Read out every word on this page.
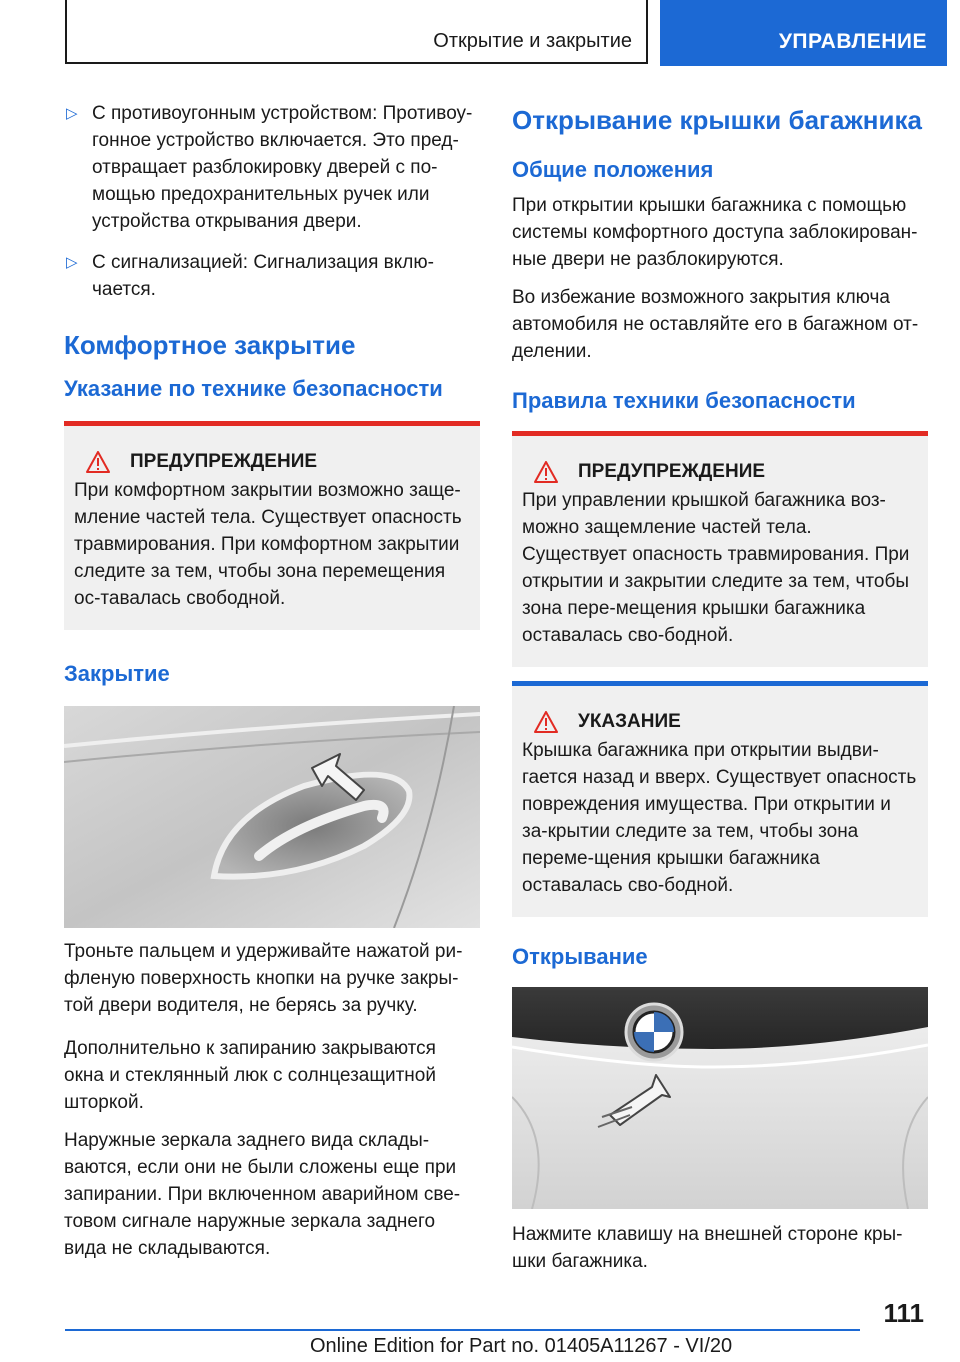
Открытие и закрытие	УПРАВЛЕНИЕ
▷ С противоугонным устройством: Противоу-гонное устройство включается. Это пред-отвращает разблокировку дверей с по-мощью предохранительных ручек или устройства открывания двери.
▷ С сигнализацией: Сигнализация вклю-чается.
Комфортное закрытие
Указание по технике безопасности
ПРЕДУПРЕЖДЕНИЕ

При комфортном закрытии возможно заще-мление частей тела. Существует опасность травмирования. При комфортном закрытии следите за тем, чтобы зона перемещения ос-тавалась свободной.

Закрытие

Троньте пальцем и удерживайте нажатой ри-фленую поверхность кнопки на ручке закры-той двери водителя, не берясь за ручку.

Дополнительно к запиранию закрываются окна и стеклянный люк с солнцезащитной шторкой.

Наружные зеркала заднего вида склады-ваются, если они не были сложены еще при запирании. При включенном аварийном све-товом сигнале наружные зеркала заднего вида не складываются.

Открывание крышки багажника
Общие положения

При открытии крышки багажника с помощью системы комфортного доступа заблокирован-ные двери не разблокируются.

Во избежание возможного закрытия ключа автомобиля не оставляйте его в багажном от-делении.

Правила техники безопасности
ПРЕДУПРЕЖДЕНИЕ

При управлении крышкой багажника воз-можно защемление частей тела. Существует опасность травмирования. При открытии и закрытии следите за тем, чтобы зона пере-мещения крышки багажника оставалась сво-бодной.

УКАЗАНИЕ

Крышка багажника при открытии выдви-гается назад и вверх. Существует опасность повреждения имущества. При открытии и за-крытии следите за тем, чтобы зона переме-щения крышки багажника оставалась сво-бодной.

Открывание

Нажмите клавишу на внешней стороне кры-шки багажника.

111
Online Edition for Part no. 01405A11267 - VI/20
